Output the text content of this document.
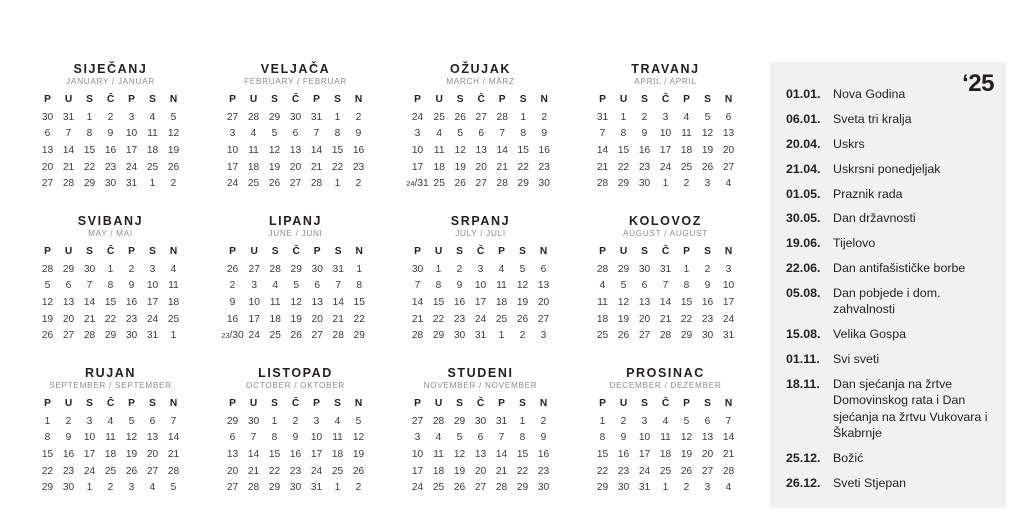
SIJEČANJ
JANUARY / JANUAR
P	U	S	Č	P	S	N
30	31	1	2	3	4	5
6	7	8	9	10	11	12
13	14	15	16	17	18	19
20	21	22	23	24	25	26
27	28	29	30	31	1	2
VELJAČA
FEBRUARY / FEBRUAR
P	U	S	Č	P	S	N
27	28	29	30	31	1	2
3	4	5	6	7	8	9
10	11	12	13	14	15	16
17	18	19	20	21	22	23
24	25	26	27	28	1	2
OŽUJAK
MARCH / MÄRZ
P	U	S	Č	P	S	N
24	25	26	27	28	1	2
3	4	5	6	7	8	9
10	11	12	13	14	15	16
17	18	19	20	21	22	23
24/31	25	26	27	28	29	30
TRAVANJ
APRIL / APRIL
P	U	S	Č	P	S	N
31	1	2	3	4	5	6
7	8	9	10	11	12	13
14	15	16	17	18	19	20
21	22	23	24	25	26	27
28	29	30	1	2	3	4
SVIBANJ
MAY / MAI
P	U	S	Č	P	S	N
28	29	30	1	2	3	4
5	6	7	8	9	10	11
12	13	14	15	16	17	18
19	20	21	22	23	24	25
26	27	28	29	30	31	1
LIPANJ
JUNE / JUNI
P	U	S	Č	P	S	N
26	27	28	29	30	31	1
2	3	4	5	6	7	8
9	10	11	12	13	14	15
16	17	18	19	20	21	22
23/30	24	25	26	27	28	29
SRPANJ
JULY / JULI
P	U	S	Č	P	S	N
30	1	2	3	4	5	6
7	8	9	10	11	12	13
14	15	16	17	18	19	20
21	22	23	24	25	26	27
28	29	30	31	1	2	3
KOLOVOZ
AUGUST / AUGUST
P	U	S	Č	P	S	N
28	29	30	31	1	2	3
4	5	6	7	8	9	10
11	12	13	14	15	16	17
18	19	20	21	22	23	24
25	26	27	28	29	30	31
RUJAN
SEPTEMBER / SEPTEMBER
P	U	S	Č	P	S	N
1	2	3	4	5	6	7
8	9	10	11	12	13	14
15	16	17	18	19	20	21
22	23	24	25	26	27	28
29	30	1	2	3	4	5
LISTOPAD
OCTOBER / OKTOBER
P	U	S	Č	P	S	N
29	30	1	2	3	4	5
6	7	8	9	10	11	12
13	14	15	16	17	18	19
20	21	22	23	24	25	26
27	28	29	30	31	1	2
STUDENI
NOVEMBER / NOVEMBER
P	U	S	Č	P	S	N
27	28	29	30	31	1	2
3	4	5	6	7	8	9
10	11	12	13	14	15	16
17	18	19	20	21	22	23
24	25	26	27	28	29	30
PROSINAC
DECEMBER / DEZEMBER
P	U	S	Č	P	S	N
1	2	3	4	5	6	7
8	9	10	11	12	13	14
15	16	17	18	19	20	21
22	23	24	25	26	27	28
29	30	31	1	2	3	4
‘25
01.01.	Nova Godina
06.01.	Sveta tri kralja
20.04.	Uskrs
21.04.	Uskrsni ponedjeljak
01.05.	Praznik rada
30.05.	Dan državnosti
19.06.	Tijelovo
22.06.	Dan antifašističke borbe
05.08.	Dan pobjede i dom. zahvalnosti
15.08.	Velika Gospa
01.11.	Svi sveti
18.11.	Dan sjećanja na žrtve Domovinskog rata i Dan sjećanja na žrtvu Vukovara i Škabrnje
25.12.	Božić
26.12.	Sveti Stjepan
